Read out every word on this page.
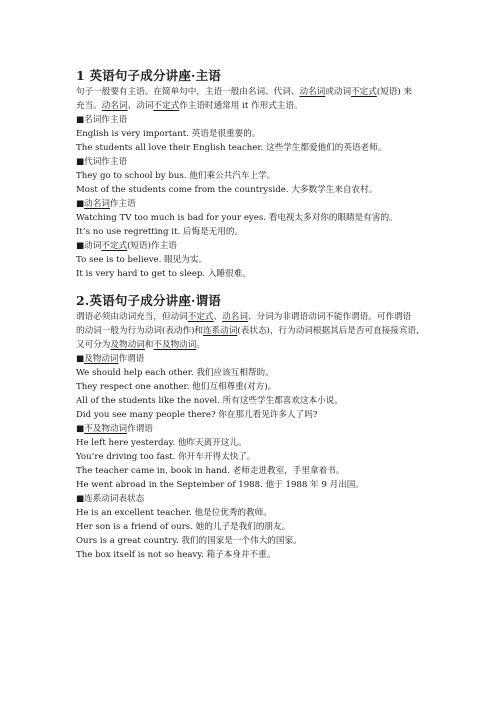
1 英语句子成分讲座·主语
句子一般要有主语。在简单句中，主语一般由名词、代词、动名词或动词不定式(短语) 来
充当。动名词、动词不定式作主语时通常用 it 作形式主语。
■名词作主语
English is very important. 英语是很重要的。
The students all love their English teacher. 这些学生都爱他们的英语老师。
■代词作主语
They go to school by bus. 他们乘公共汽车上学。
Most of the students come from the countryside. 大多数学生来自农村。
■动名词作主语
Watching TV too much is bad for your eyes. 看电视太多对你的眼睛是有害的。
It’s no use regretting it. 后悔是无用的。
■动词不定式(短语)作主语
To see is to believe. 眼见为实。
It is very hard to get to sleep. 入睡很难。
2.英语句子成分讲座·谓语
谓语必须由动词充当，但动词不定式、动名词、分词为非谓语动词不能作谓语。可作谓语
的动词一般为行为动词(表动作)和连系动词(表状态)，行为动词根据其后是否可直接接宾语，
又可分为及物动词和不及物动词。
■及物动词作谓语
We should help each other. 我们应该互相帮助。
They respect one another. 他们互相尊重(对方)。
All of the students like the novel. 所有这些学生都喜欢这本小说。
Did you see many people there? 你在那儿看见许多人了吗?
■不及物动词作谓语
He left here yesterday. 他昨天离开这儿。
You’re driving too fast. 你开车开得太快了。
The teacher came in, book in hand. 老师走进教室，手里拿着书。
He went abroad in the September of 1988. 他于 1988 年 9 月出国。
■连系动词表状态
He is an excellent teacher. 他是位优秀的教师。
Her son is a friend of ours. 她的儿子是我们的朋友。
Ours is a great country. 我们的国家是一个伟大的国家。
The box itself is not so heavy. 箱子本身并不重。
